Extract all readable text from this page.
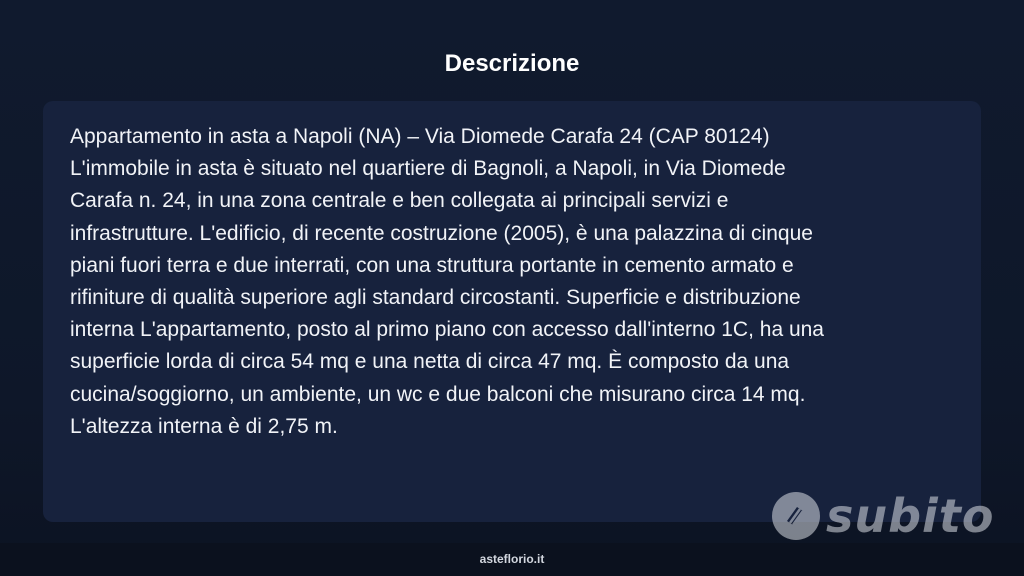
Descrizione

Appartamento in asta a Napoli (NA) – Via Diomede Carafa 24 (CAP 80124)
L'immobile in asta è situato nel quartiere di Bagnoli, a Napoli, in Via Diomede
Carafa n. 24, in una zona centrale e ben collegata ai principali servizi e
infrastrutture. L'edificio, di recente costruzione (2005), è una palazzina di cinque
piani fuori terra e due interrati, con una struttura portante in cemento armato e
rifiniture di qualità superiore agli standard circostanti. Superficie e distribuzione
interna L'appartamento, posto al primo piano con accesso dall'interno 1C, ha una
superficie lorda di circa 54 mq e una netta di circa 47 mq. È composto da una
cucina/soggiorno, un ambiente, un wc e due balconi che misurano circa 14 mq.
L'altezza interna è di 2,75 m.

subito
asteflorio.it
